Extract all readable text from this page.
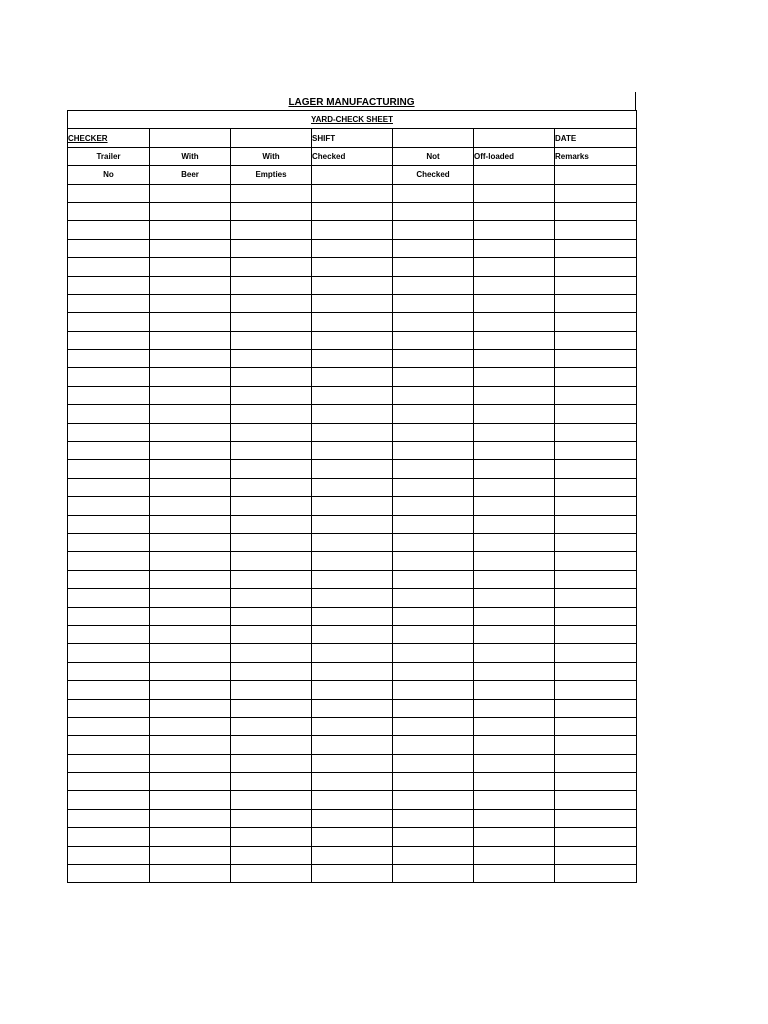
LAGER MANUFACTURING
YARD-CHECK SHEET						
CHECKER			SHIFT			DATE
Trailer	With	With	Checked	Not	Off-loaded	Remarks
No	Beer	Empties		Checked		
